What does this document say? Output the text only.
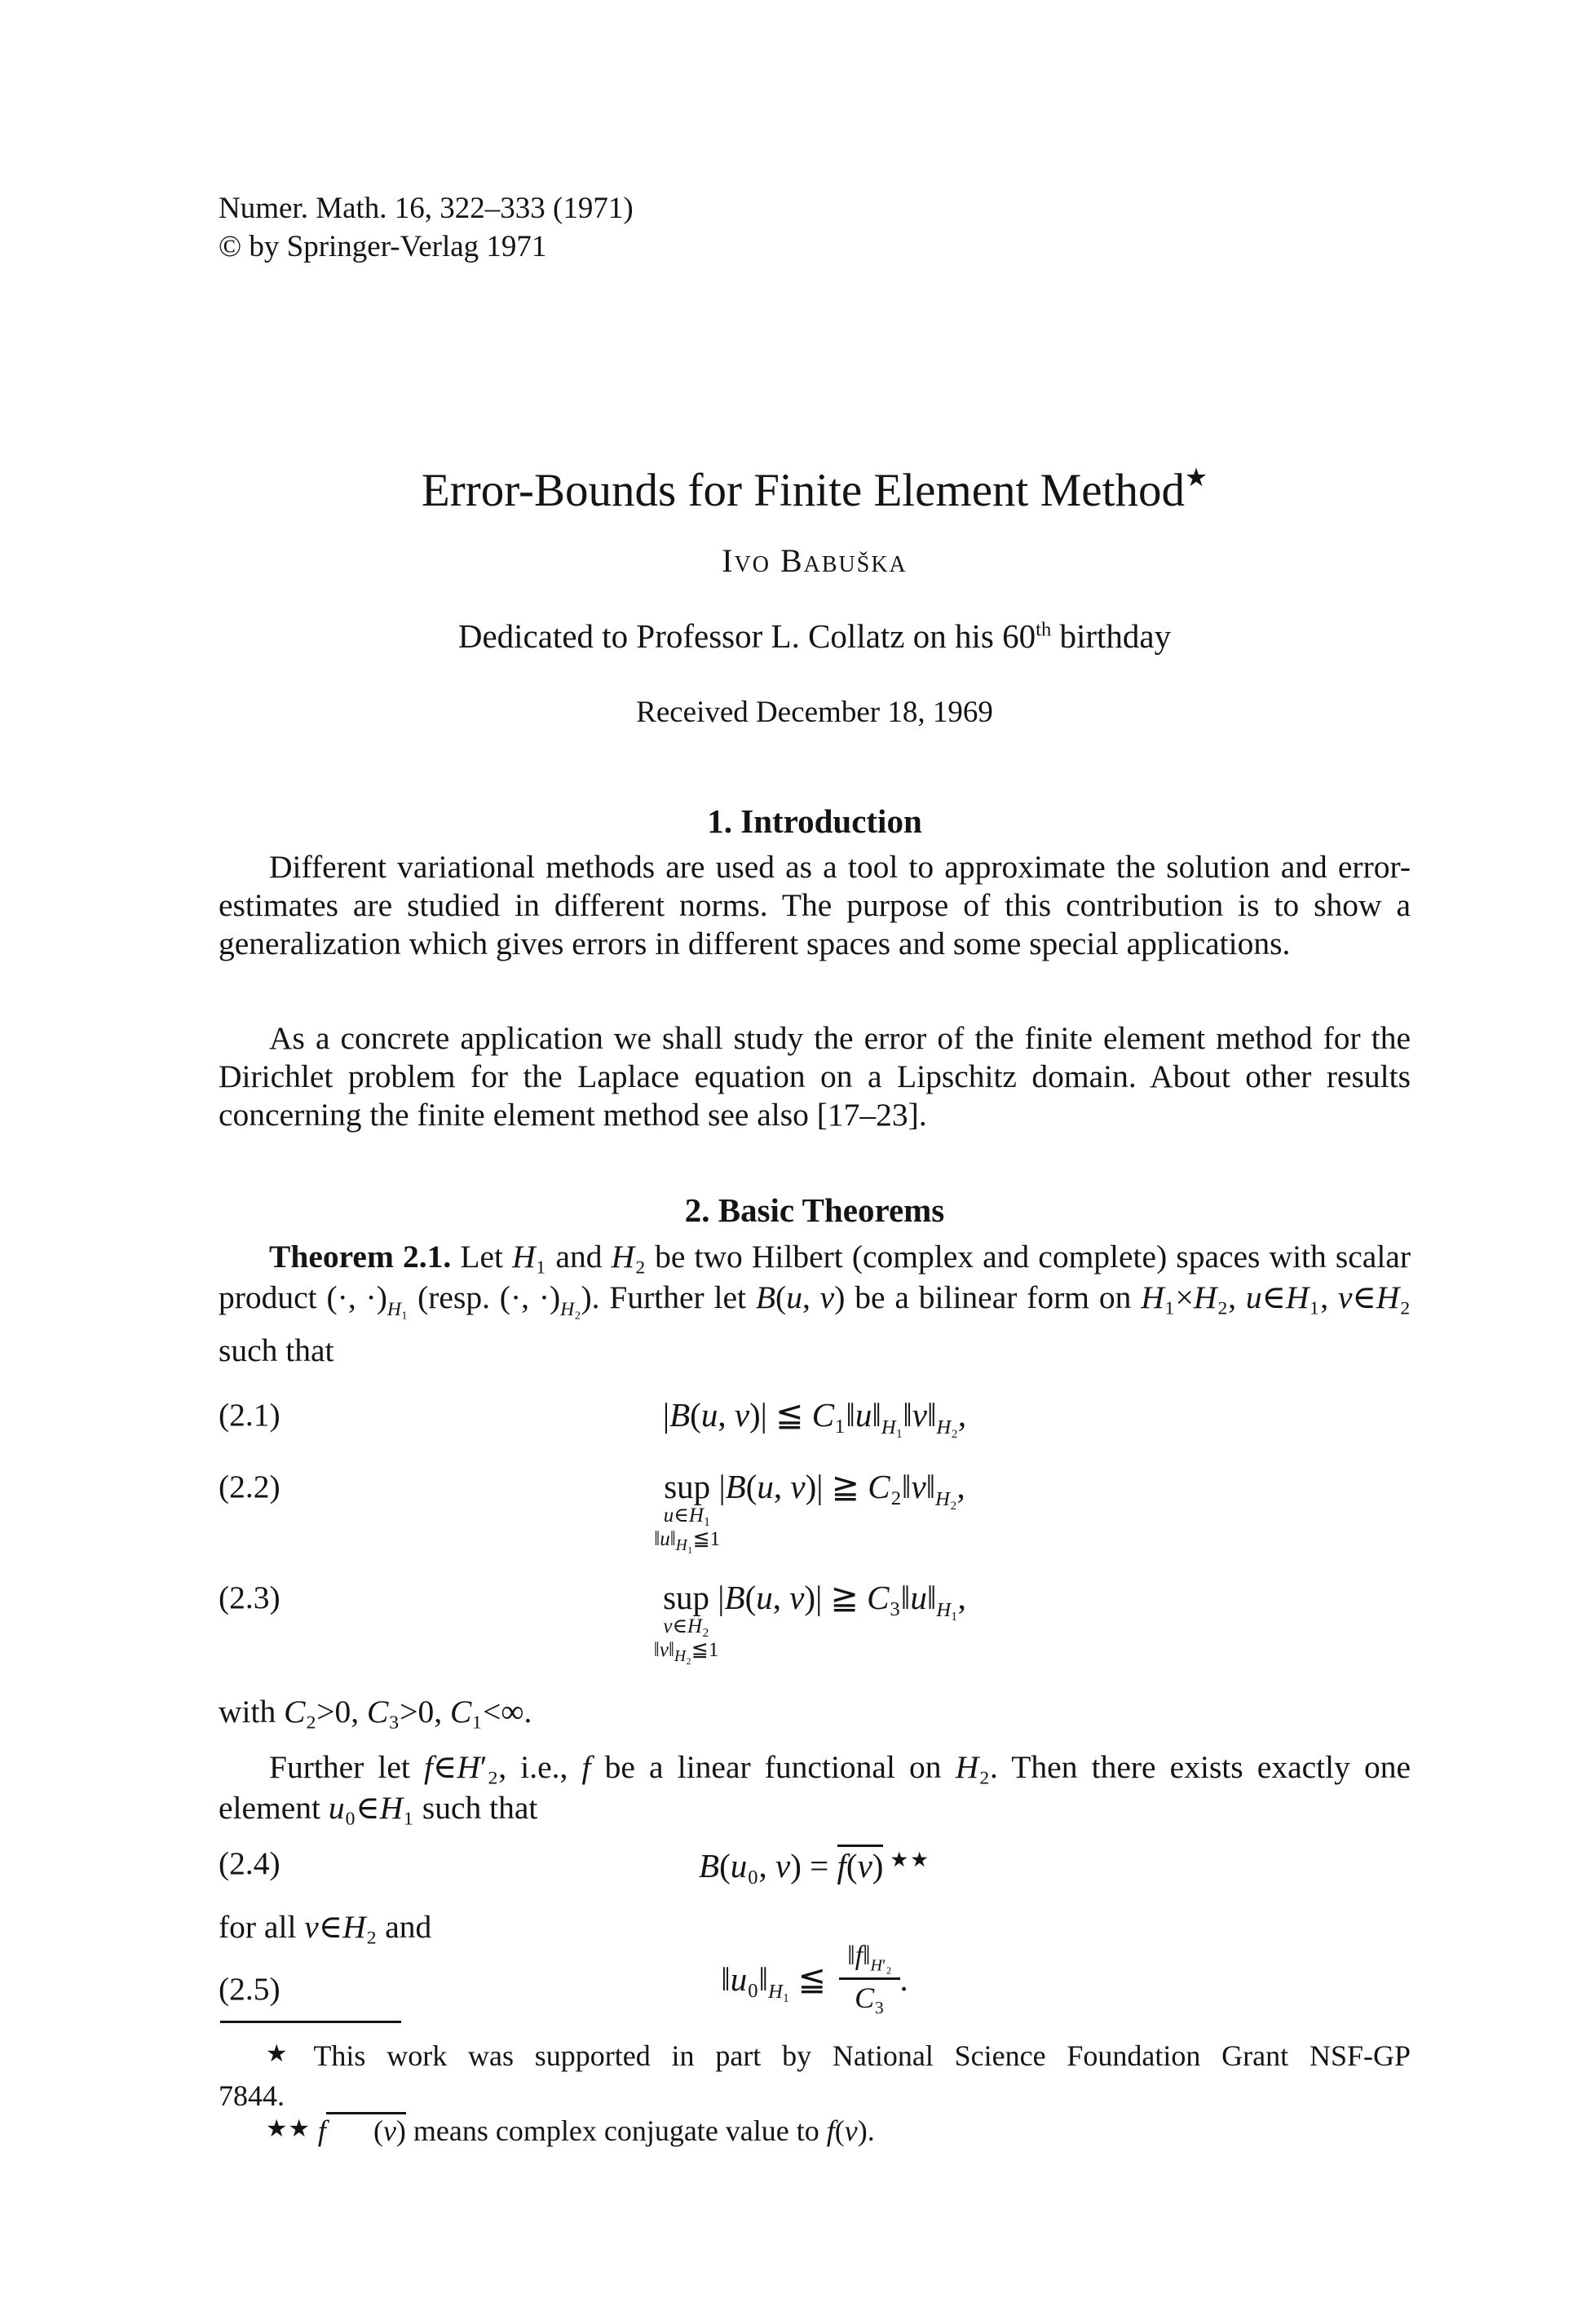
Numer. Math. 16, 322–333 (1971)
© by Springer-Verlag 1971
Error-Bounds for Finite Element Method★
Ivo Babuška
Dedicated to Professor L. Collatz on his 60th birthday
Received December 18, 1969
1. Introduction

Different variational methods are used as a tool to approximate the solution and error-estimates are studied in different norms. The purpose of this contribution is to show a generalization which gives errors in different spaces and some special applications.

As a concrete application we shall study the error of the finite element method for the Dirichlet problem for the Laplace equation on a Lipschitz domain. About other results concerning the finite element method see also [17–23].

2. Basic Theorems

Theorem 2.1. Let H₁ and H₂ be two Hilbert (complex and complete) spaces with scalar product (·, $\cdot)_{H_1}$ (resp. (·, $\cdot)_{H_2}$). Further let B(u, v) be a bilinear form on H₁×H₂, u∈H₁, v∈H₂ such that

(2.1)	|B(u, v)| ≦ $C_1‖u‖_{H_1}‖v‖_{H_2}$,
(2.2)	sup
u∈H₁
$‖u‖_{H_1}≦1$
|B(u, v)| ≧ $C_2‖v‖_{H_2}$,
(2.3)	sup
v∈H₂
$‖v‖_{H_2}≦1$
|B(u, v)| ≧ $C_3‖u‖_{H_1}$,

with C₂>0, C₃>0, C₁<∞.

Further let f∈H′₂, i.e., f be a linear functional on H₂. Then there exists exactly one element u₀∈H₁ such that

(2.4)	B(u₀, v) = f(v) ★★

for all v∈H₂ and

(2.5)	$‖u_0‖_{H_1}$ ≦ $\frac{‖f‖_{H'_2}}{\text{C₃}}$ .

★ This work was supported in part by National Science Foundation Grant NSF-GP 7844.

★★ f (v) means complex conjugate value to f(v).
